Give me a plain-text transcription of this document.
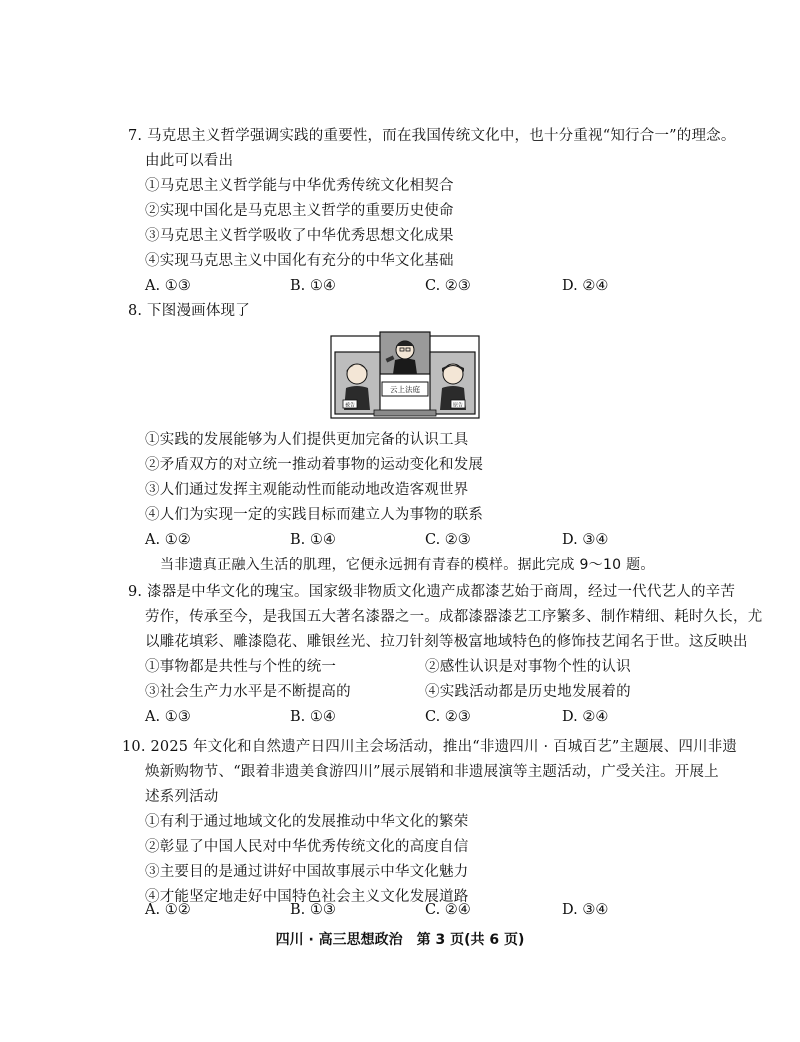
7. 马克思主义哲学强调实践的重要性，而在我国传统文化中，也十分重视“知行合一”的理念。
由此可以看出
①马克思主义哲学能与中华优秀传统文化相契合
②实现中国化是马克思主义哲学的重要历史使命
③马克思主义哲学吸收了中华优秀思想文化成果
④实现马克思主义中国化有充分的中华文化基础
A. ①③	B. ①④	C. ②③	D. ②④
8. 下图漫画体现了
被告	原告
云上法庭
①实践的发展能够为人们提供更加完备的认识工具
②矛盾双方的对立统一推动着事物的运动变化和发展
③人们通过发挥主观能动性而能动地改造客观世界
④人们为实现一定的实践目标而建立人为事物的联系
A. ①②	B. ①④	C. ②③	D. ③④
当非遗真正融入生活的肌理，它便永远拥有青春的模样。据此完成 9～10 题。
9. 漆器是中华文化的瑰宝。国家级非物质文化遗产成都漆艺始于商周，经过一代代艺人的辛苦
劳作，传承至今，是我国五大著名漆器之一。成都漆器漆艺工序繁多、制作精细、耗时久长，尤
以雕花填彩、雕漆隐花、雕银丝光、拉刀针刻等极富地域特色的修饰技艺闻名于世。这反映出
①事物都是共性与个性的统一	②感性认识是对事物个性的认识
③社会生产力水平是不断提高的	④实践活动都是历史地发展着的
A. ①③	B. ①④	C. ②③	D. ②④
10. 2025 年文化和自然遗产日四川主会场活动，推出“非遗四川 · 百城百艺”主题展、四川非遗
焕新购物节、“跟着非遗美食游四川”展示展销和非遗展演等主题活动，广受关注。开展上
述系列活动
①有利于通过地域文化的发展推动中华文化的繁荣
②彰显了中国人民对中华优秀传统文化的高度自信
③主要目的是通过讲好中国故事展示中华文化魅力
④才能坚定地走好中国特色社会主义文化发展道路
A. ①②	B. ①③	C. ②④	D. ③④
四川 · 高三思想政治　第 3 页(共 6 页)
